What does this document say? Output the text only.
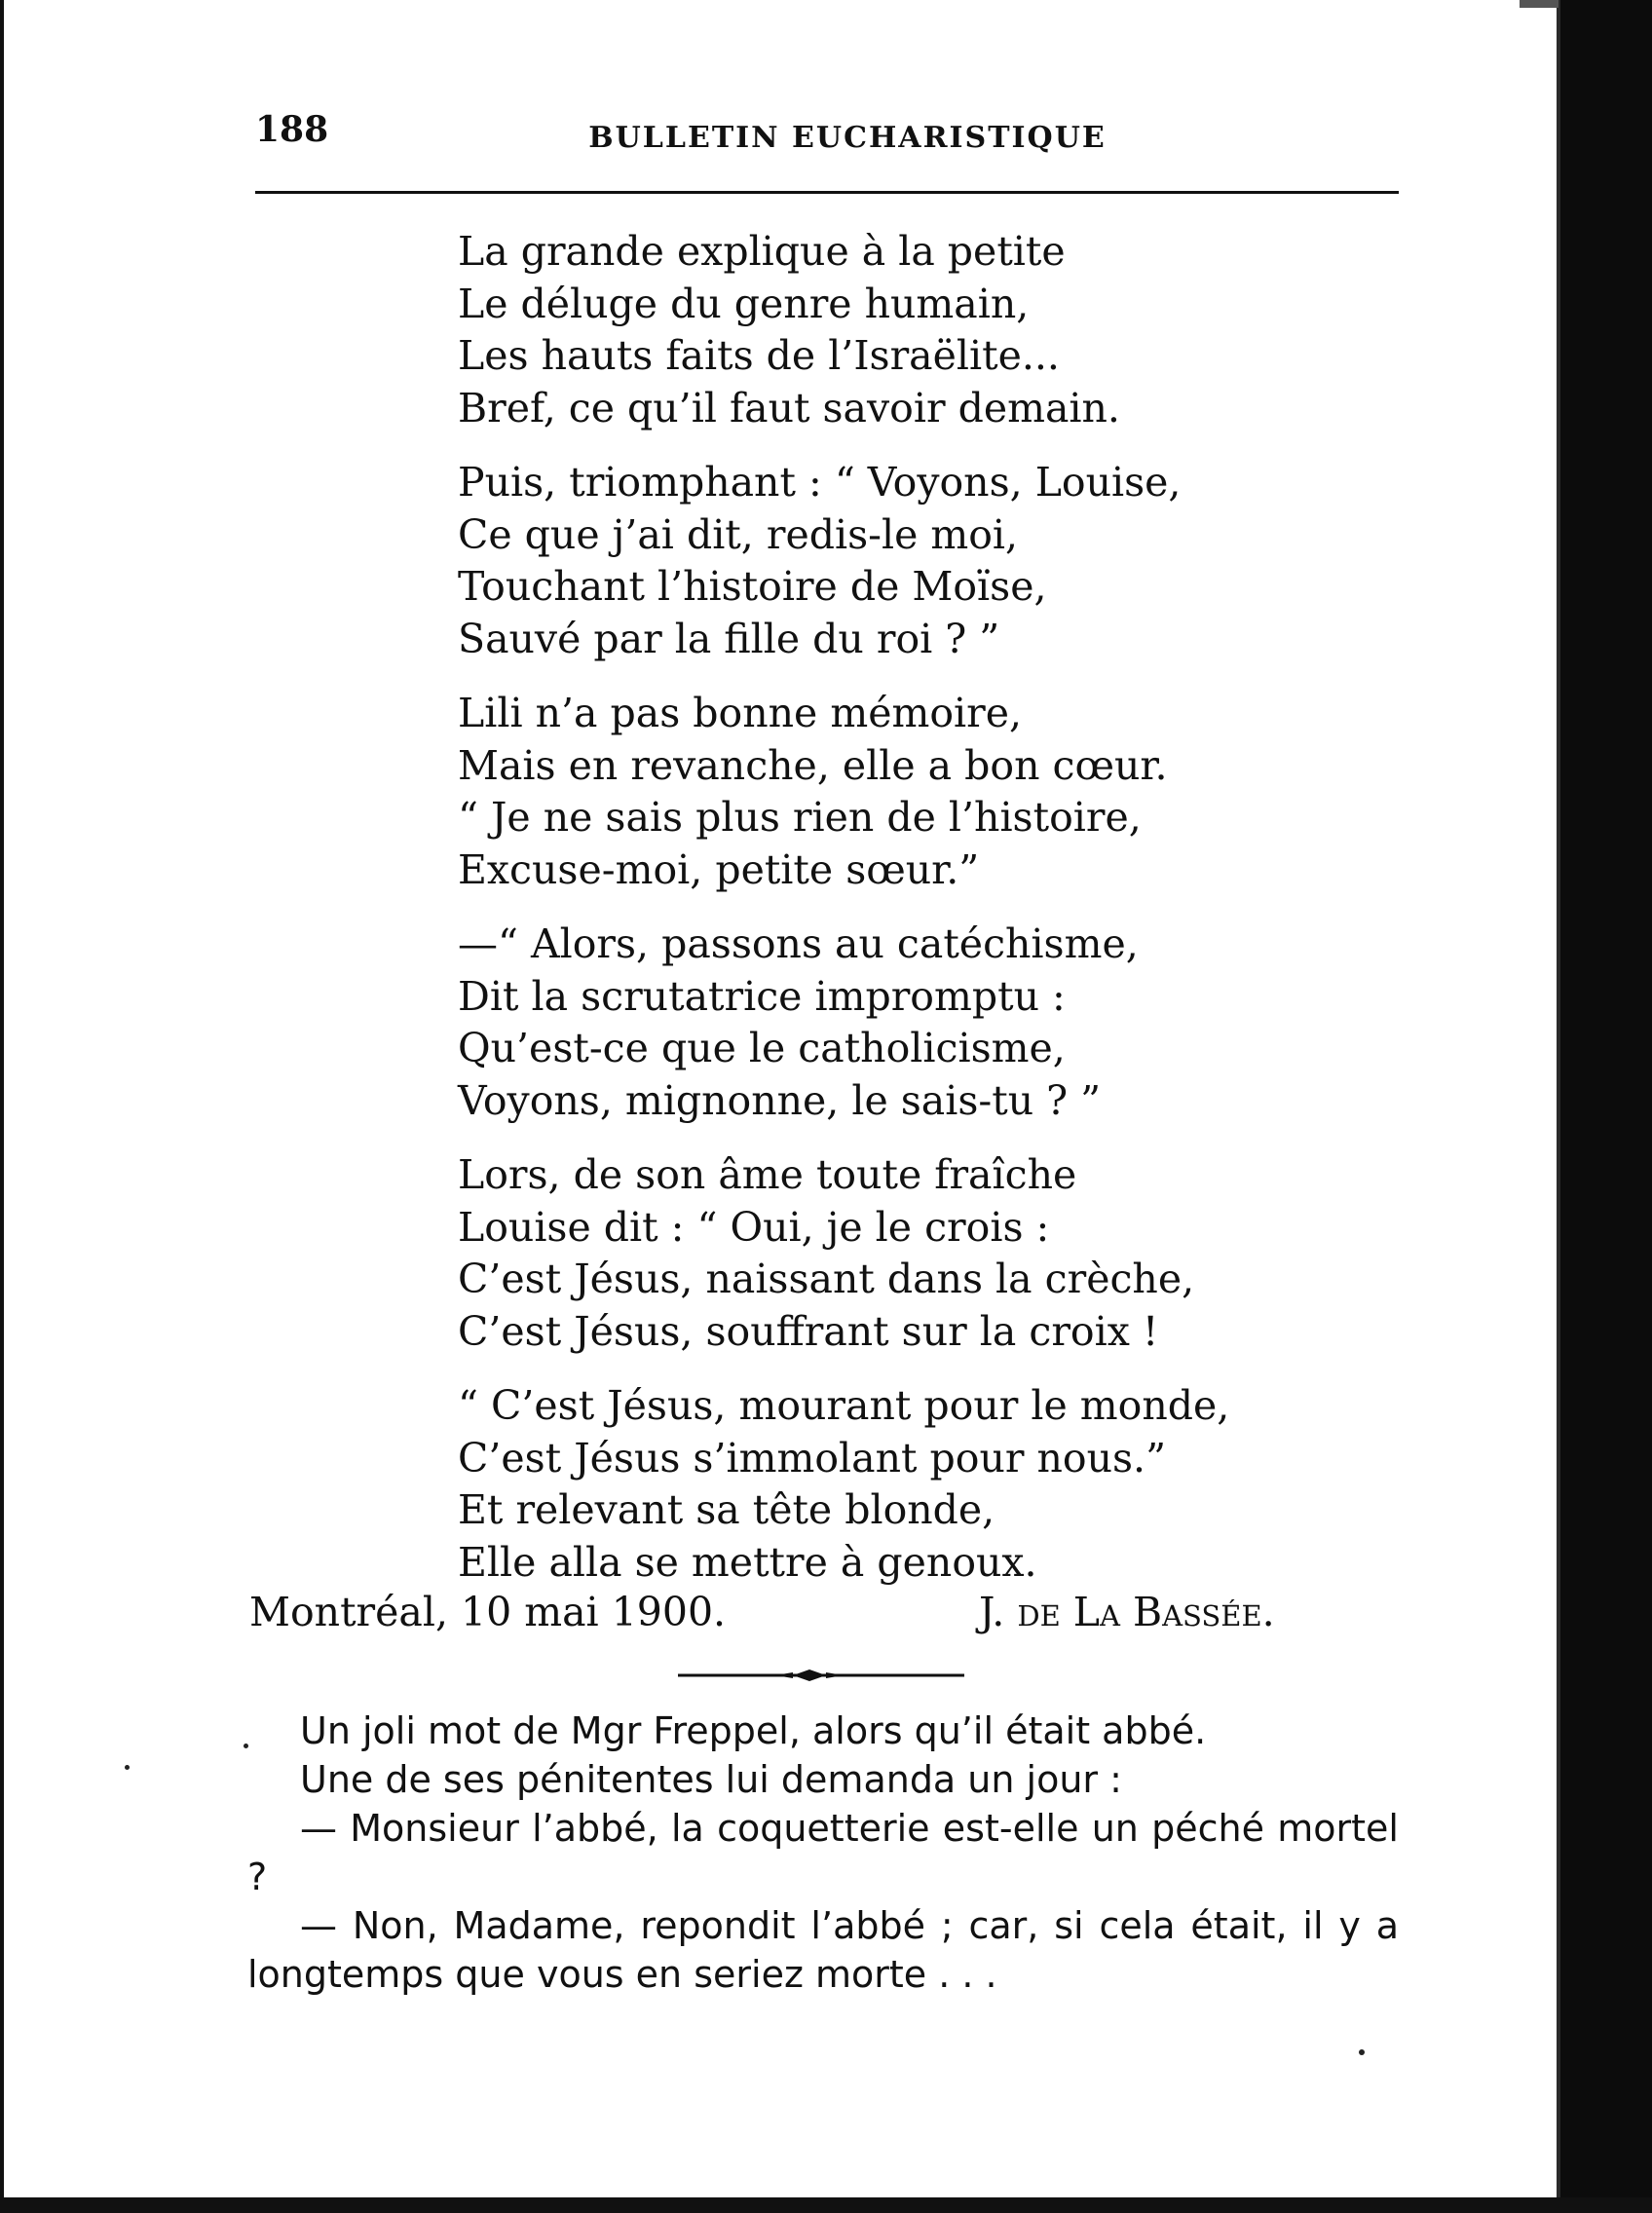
188	BULLETIN EUCHARISTIQUE

La grande explique à la petite

Le déluge du genre humain,

Les hauts faits de l’Israëlite...

Bref, ce qu’il faut savoir demain.

Puis, triomphant : “ Voyons, Louise,

Ce que j’ai dit, redis-le moi,

Touchant l’histoire de Moïse,

Sauvé par la fille du roi ? ”

Lili n’a pas bonne mémoire,

Mais en revanche, elle a bon cœur.

“ Je ne sais plus rien de l’histoire,

Excuse-moi, petite sœur.”

—“ Alors, passons au catéchisme,

Dit la scrutatrice impromptu :

Qu’est-ce que le catholicisme,

Voyons, mignonne, le sais-tu ? ”

Lors, de son âme toute fraîche

Louise dit : “ Oui, je le crois :

C’est Jésus, naissant dans la crèche,

C’est Jésus, souffrant sur la croix !

“ C’est Jésus, mourant pour le monde,

C’est Jésus s’immolant pour nous.”

Et relevant sa tête blonde,

Elle alla se mettre à genoux.

Montréal, 10 mai 1900.	J. de La Bassée.

Un joli mot de Mgr Freppel, alors qu’il était abbé.

Une de ses pénitentes lui demanda un jour :

— Monsieur l’abbé, la coquetterie est-elle un péché mortel ?

— Non, Madame, repondit l’abbé ; car, si cela était, il y a longtemps que vous en seriez morte . . .
